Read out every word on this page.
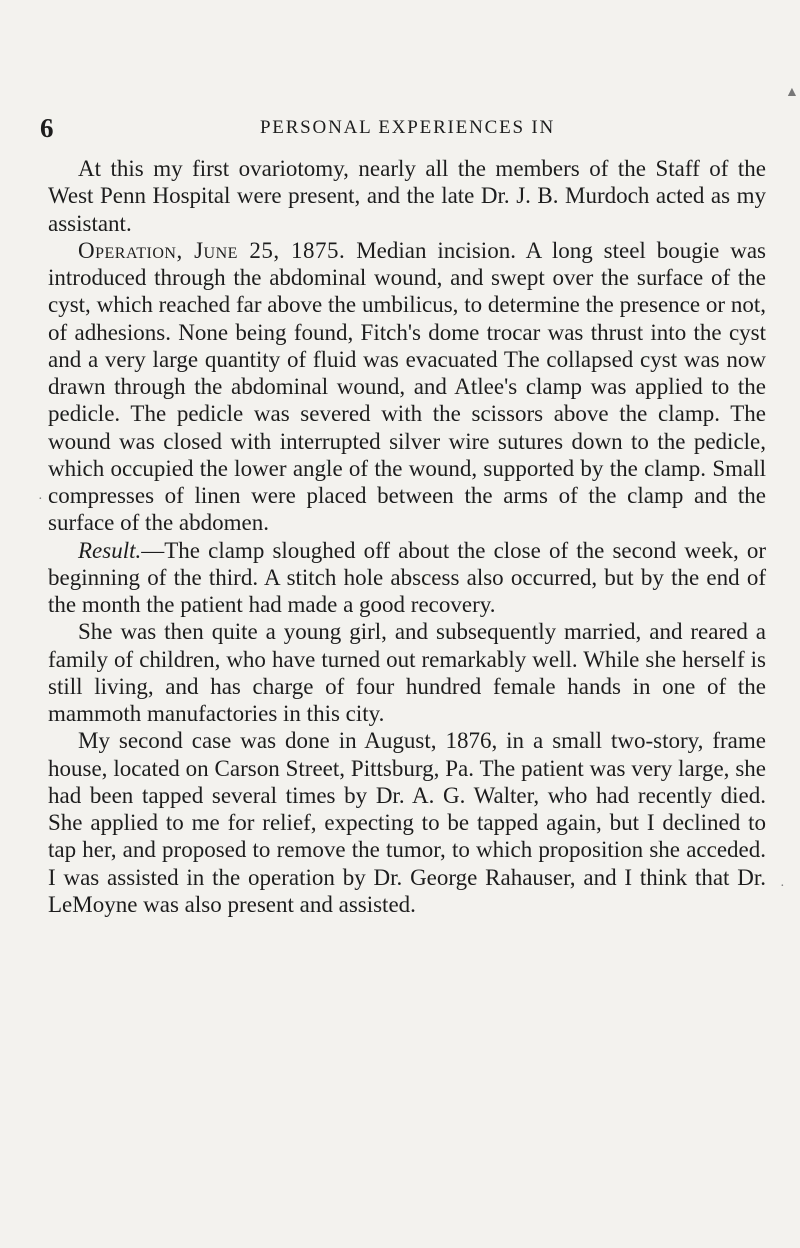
6	PERSONAL EXPERIENCES IN

At this my first ovariotomy, nearly all the members of the Staff of the West Penn Hospital were present, and the late Dr. J. B. Murdoch acted as my assistant.

Operation, June 25, 1875. Median incision. A long steel bougie was introduced through the abdominal wound, and swept over the surface of the cyst, which reached far above the umbilicus, to determine the presence or not, of adhesions. None being found, Fitch's dome trocar was thrust into the cyst and a very large quantity of fluid was evacuated The collapsed cyst was now drawn through the abdominal wound, and Atlee's clamp was applied to the pedicle. The pedicle was severed with the scissors above the clamp. The wound was closed with interrupted silver wire sutures down to the pedicle, which occupied the lower angle of the wound, supported by the clamp. Small compresses of linen were placed between the arms of the clamp and the surface of the abdomen.

Result.—The clamp sloughed off about the close of the second week, or beginning of the third. A stitch hole abscess also occurred, but by the end of the month the patient had made a good recovery.

She was then quite a young girl, and subsequently married, and reared a family of children, who have turned out remarkably well. While she herself is still living, and has charge of four hundred female hands in one of the mammoth manufactories in this city.

My second case was done in August, 1876, in a small two-story, frame house, located on Carson Street, Pittsburg, Pa. The patient was very large, she had been tapped several times by Dr. A. G. Walter, who had recently died. She applied to me for relief, expecting to be tapped again, but I declined to tap her, and proposed to remove the tumor, to which proposition she acceded. I was assisted in the operation by Dr. George Rahauser, and I think that Dr. LeMoyne was also present and assisted.

▲
·
·
